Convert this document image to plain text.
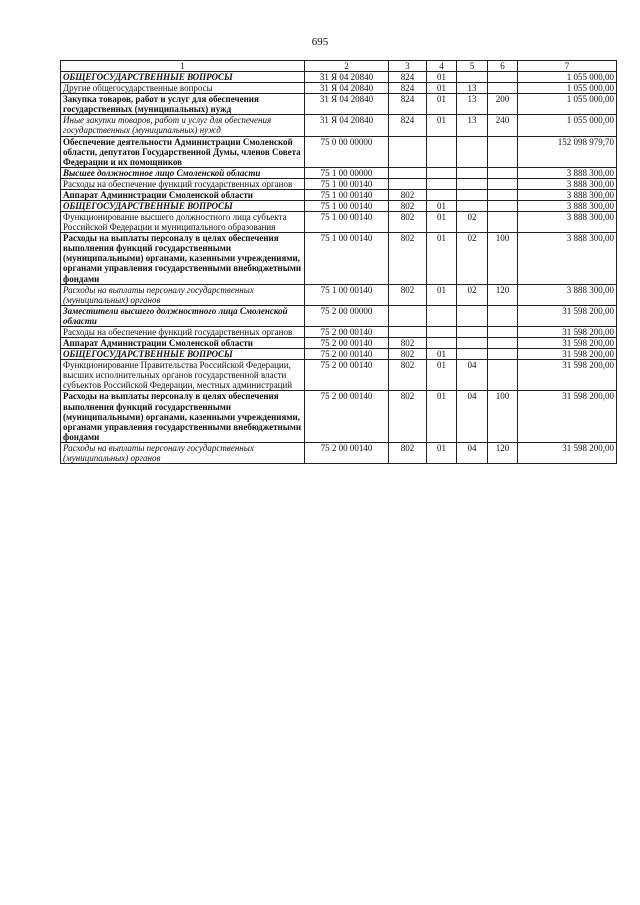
695
1	2	3	4	5	6	7
ОБЩЕГОСУДАРСТВЕННЫЕ ВОПРОСЫ	31 Я 04 20840	824	01			1 055 000,00
Другие общегосударственные вопросы	31 Я 04 20840	824	01	13		1 055 000,00
Закупка товаров, работ и услуг для обеспечения государственных (муниципальных) нужд	31 Я 04 20840	824	01	13	200	1 055 000,00
Иные закупки товаров, работ и услуг для обеспечения государственных (муниципальных) нужд	31 Я 04 20840	824	01	13	240	1 055 000,00
Обеспечение деятельности Администрации Смоленской области, депутатов Государственной Думы, членов Совета Федерации и их помощников	75 0 00 00000					152 098 979,70
Высшее должностное лицо Смоленской области	75 1 00 00000					3 888 300,00
Расходы на обеспечение функций государственных органов	75 1 00 00140					3 888 300,00
Аппарат Администрации Смоленской области	75 1 00 00140	802				3 888 300,00
ОБЩЕГОСУДАРСТВЕННЫЕ ВОПРОСЫ	75 1 00 00140	802	01			3 888 300,00
Функционирование высшего должностного лица субъекта Российской Федерации и муниципального образования	75 1 00 00140	802	01	02		3 888 300,00
Расходы на выплаты персоналу в целях обеспечения выполнения функций государственными (муниципальными) органами, казенными учреждениями, органами управления государственными внебюджетными фондами	75 1 00 00140	802	01	02	100	3 888 300,00
Расходы на выплаты персоналу государственных (муниципальных) органов	75 1 00 00140	802	01	02	120	3 888 300,00
Заместители высшего должностного лица Смоленской области	75 2 00 00000					31 598 200,00
Расходы на обеспечение функций государственных органов	75 2 00 00140					31 598 200,00
Аппарат Администрации Смоленской области	75 2 00 00140	802				31 598 200,00
ОБЩЕГОСУДАРСТВЕННЫЕ ВОПРОСЫ	75 2 00 00140	802	01			31 598 200,00
Функционирование Правительства Российской Федерации, высших исполнительных органов государственной власти субъектов Российской Федерации, местных администраций	75 2 00 00140	802	01	04		31 598 200,00
Расходы на выплаты персоналу в целях обеспечения выполнения функций государственными (муниципальными) органами, казенными учреждениями, органами управления государственными внебюджетными фондами	75 2 00 00140	802	01	04	100	31 598 200,00
Расходы на выплаты персоналу государственных (муниципальных) органов	75 2 00 00140	802	01	04	120	31 598 200,00
